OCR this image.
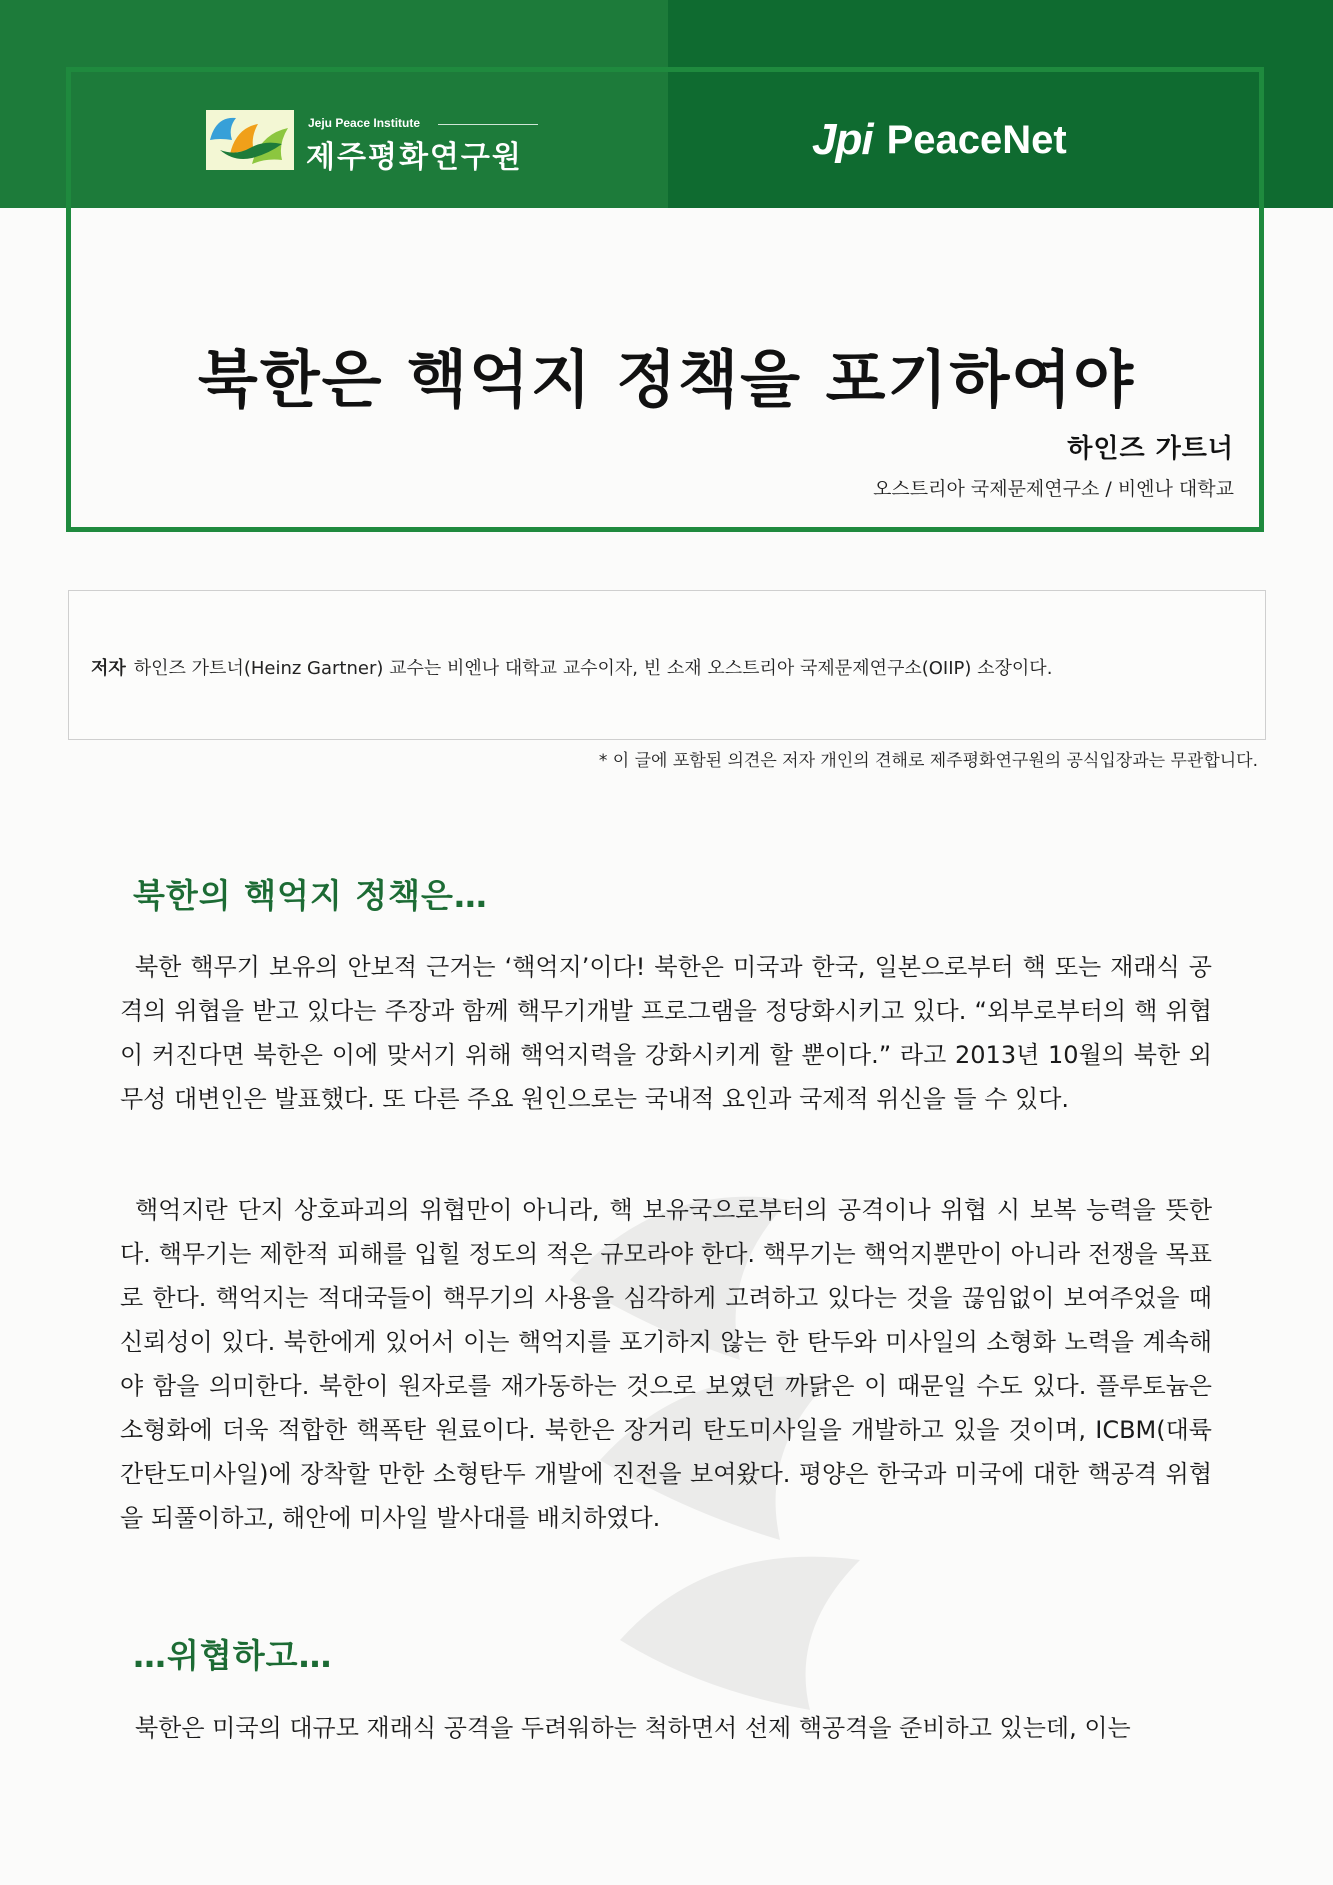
Jeju Peace Institute
제주평화연구원	Jpi PeaceNet
북한은 핵억지 정책을 포기하여야
하인즈 가트너
오스트리아 국제문제연구소 / 비엔나 대학교
저자 하인즈 가트너(Heinz Gartner) 교수는 비엔나 대학교 교수이자, 빈 소재 오스트리아 국제문제연구소(OIIP) 소장이다.
* 이 글에 포함된 의견은 저자 개인의 견해로 제주평화연구원의 공식입장과는 무관합니다.
북한의 핵억지 정책은…

북한 핵무기 보유의 안보적 근거는 ‘핵억지’이다! 북한은 미국과 한국, 일본으로부터 핵 또는 재래식 공격의 위협을 받고 있다는 주장과 함께 핵무기개발 프로그램을 정당화시키고 있다. “외부로부터의 핵 위협이 커진다면 북한은 이에 맞서기 위해 핵억지력을 강화시키게 할 뿐이다.” 라고 2013년 10월의 북한 외무성 대변인은 발표했다. 또 다른 주요 원인으로는 국내적 요인과 국제적 위신을 들 수 있다.

핵억지란 단지 상호파괴의 위협만이 아니라, 핵 보유국으로부터의 공격이나 위협 시 보복 능력을 뜻한다. 핵무기는 제한적 피해를 입힐 정도의 적은 규모라야 한다. 핵무기는 핵억지뿐만이 아니라 전쟁을 목표로 한다. 핵억지는 적대국들이 핵무기의 사용을 심각하게 고려하고 있다는 것을 끊임없이 보여주었을 때 신뢰성이 있다. 북한에게 있어서 이는 핵억지를 포기하지 않는 한 탄두와 미사일의 소형화 노력을 계속해야 함을 의미한다. 북한이 원자로를 재가동하는 것으로 보였던 까닭은 이 때문일 수도 있다. 플루토늄은 소형화에 더욱 적합한 핵폭탄 원료이다. 북한은 장거리 탄도미사일을 개발하고 있을 것이며, ICBM(대륙간탄도미사일)에 장착할 만한 소형탄두 개발에 진전을 보여왔다. 평양은 한국과 미국에 대한 핵공격 위협을 되풀이하고, 해안에 미사일 발사대를 배치하였다.

…위협하고…

북한은 미국의 대규모 재래식 공격을 두려워하는 척하면서 선제 핵공격을 준비하고 있는데, 이는
